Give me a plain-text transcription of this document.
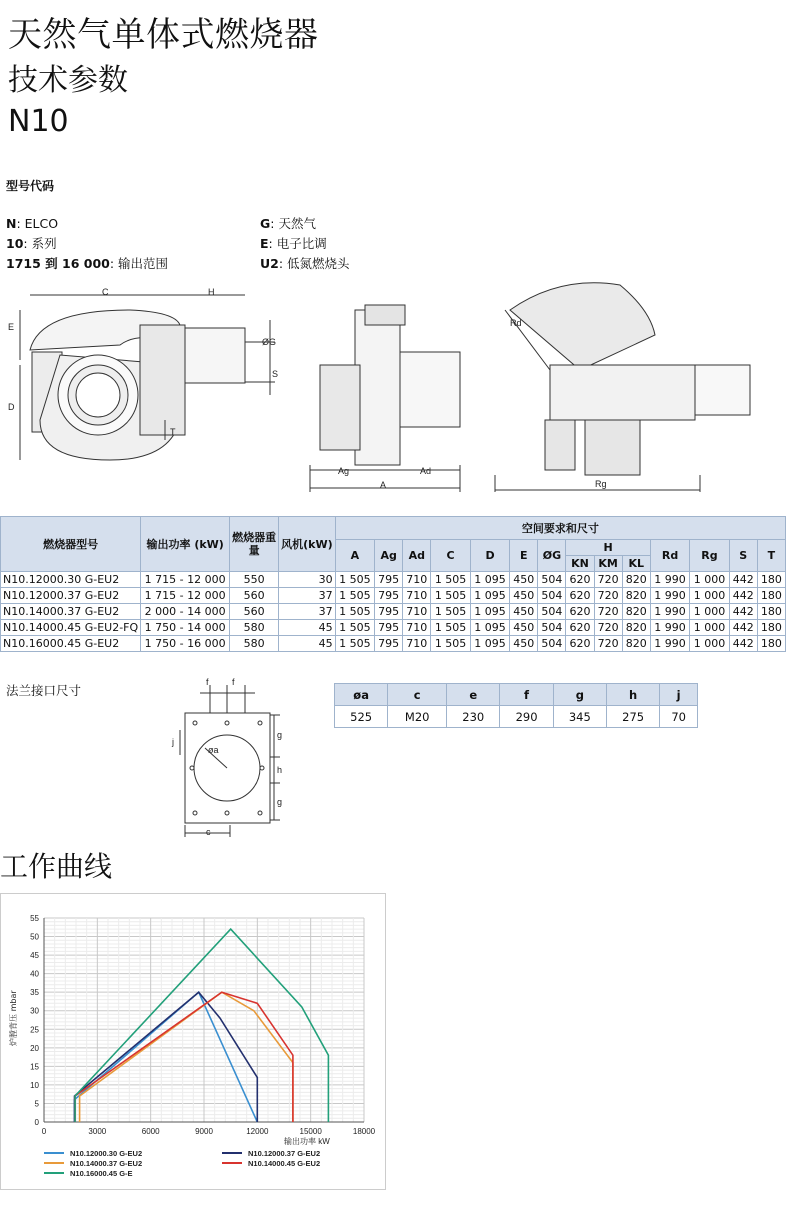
天然气单体式燃烧器
技术参数
N10
型号代码
N: ELCO
10: 系列
1715 到 16 000: 输出范围
G: 天然气
E: 电子比调
U2: 低氮燃烧头
C	H
E
D
ØG
S
T
Ag	Ad
A
Rd
Rg
燃烧器型号	输出功率 (kW)	燃烧器重量	风机(kW)	空间要求和尺寸													
				A	Ag	Ad	C	D	E	ØG	H			Rd	Rg	S	T
											KN	KM	KL				
N10.12000.30 G-EU2	1 715 - 12 000	550	30	1 505	795	710	1 505	1 095	450	504	620	720	820	1 990	1 000	442	180
N10.12000.37 G-EU2	1 715 - 12 000	560	37	1 505	795	710	1 505	1 095	450	504	620	720	820	1 990	1 000	442	180
N10.14000.37 G-EU2	2 000 - 14 000	560	37	1 505	795	710	1 505	1 095	450	504	620	720	820	1 990	1 000	442	180
N10.14000.45 G-EU2-FQ	1 750 - 14 000	580	45	1 505	795	710	1 505	1 095	450	504	620	720	820	1 990	1 000	442	180
N10.16000.45 G-EU2	1 750 - 16 000	580	45	1 505	795	710	1 505	1 095	450	504	620	720	820	1 990	1 000	442	180
法兰接口尺寸
f	f
j
g
h
g
c
øa
øa	c	e	f	g	h	j
525	M20	230	290	345	275	70
工作曲线
0
5
10
15
20
25
30
35
40
45
50
55
0	3000	6000	9000	12000	15000	18000
输出功率 kW
炉膛背压 mbar
N10.12000.30 G-EU2	N10.12000.37 G-EU2
N10.14000.37 G-EU2	N10.14000.45 G-EU2
N10.16000.45 G-E
